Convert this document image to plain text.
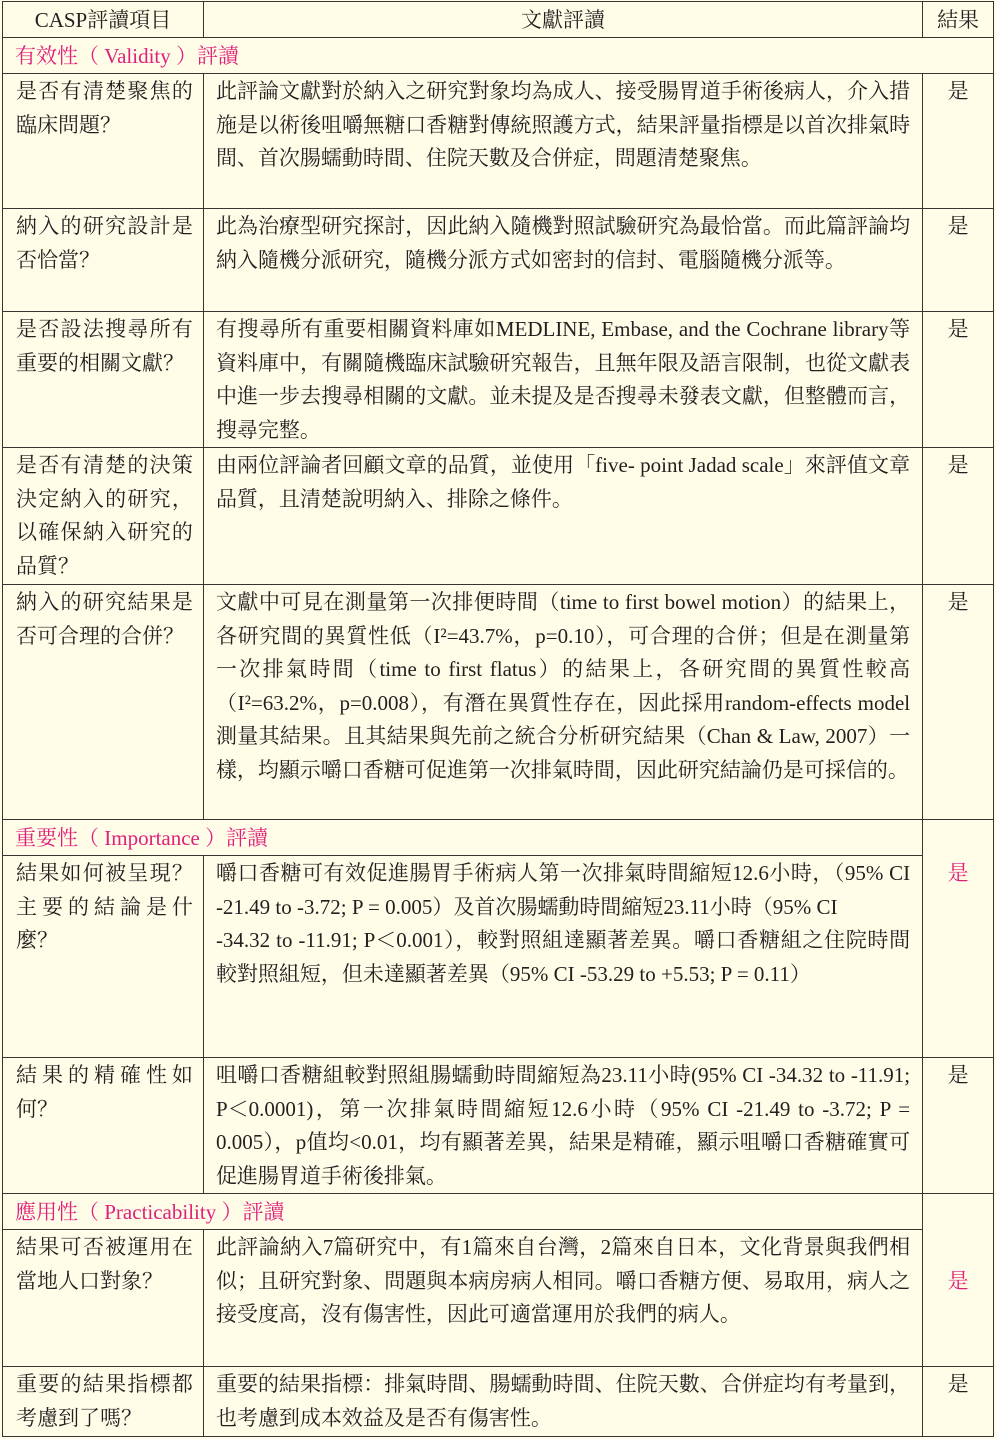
CASP評讀項目	文獻評讀	結果
有效性（ Validity ）評讀		
是否有清楚聚焦的臨床問題？	此評論文獻對於納入之研究對象均為成人、接受腸胃道手術後病人，介入措施是以術後咀嚼無糖口香糖對傳統照護方式，結果評量指標是以首次排氣時間、首次腸蠕動時間、住院天數及合併症，問題清楚聚焦。	是
納入的研究設計是否恰當？	此為治療型研究探討，因此納入隨機對照試驗研究為最恰當。而此篇評論均納入隨機分派研究，隨機分派方式如密封的信封、電腦隨機分派等。	是
是否設法搜尋所有重要的相關文獻？	有搜尋所有重要相關資料庫如MEDLINE, Embase, and the Cochrane library等資料庫中，有關隨機臨床試驗研究報告，且無年限及語言限制，也從文獻表中進一步去搜尋相關的文獻。並未提及是否搜尋未發表文獻，但整體而言，搜尋完整。	是
是否有清楚的決策決定納入的研究，以確保納入研究的品質？	由兩位評論者回顧文章的品質，並使用「five- point Jadad scale」來評值文章品質，且清楚說明納入、排除之條件。	是
納入的研究結果是否可合理的合併？	文獻中可見在測量第一次排便時間（time to first bowel motion）的結果上，各研究間的異質性低（I²=43.7%，p=0.10），可合理的合併；但是在測量第一次排氣時間（time to first flatus）的結果上，各研究間的異質性較高（I²=63.2%，p=0.008），有潛在異質性存在，因此採用random-effects model 測量其結果。且其結果與先前之統合分析研究結果（Chan & Law, 2007）一樣，均顯示嚼口香糖可促進第一次排氣時間，因此研究結論仍是可採信的。	是
重要性（ Importance ）評讀		是
結果如何被呈現？主要的結論是什麼？	嚼口香糖可有效促進腸胃手術病人第一次排氣時間縮短12.6小時，（95% CI -21.49 to -3.72; P = 0.005）及首次腸蠕動時間縮短23.11小時（95% CI
-34.32 to -11.91; P＜0.001），較對照組達顯著差異。嚼口香糖組之住院時間較對照組短，但未達顯著差異（95% CI -53.29 to +5.53; P = 0.11）	
結果的精確性如何？	咀嚼口香糖組較對照組腸蠕動時間縮短為23.11小時(95% CI -34.32 to -11.91; P＜0.0001)，第一次排氣時間縮短12.6小時（95% CI -21.49 to -3.72; P = 0.005），p值均<0.01，均有顯著差異，結果是精確，顯示咀嚼口香糖確實可促進腸胃道手術後排氣。	是
應用性（ Practicability ）評讀		是
結果可否被運用在當地人口對象？	此評論納入7篇研究中，有1篇來自台灣，2篇來自日本，文化背景與我們相似；且研究對象、問題與本病房病人相同。嚼口香糖方便、易取用，病人之接受度高，沒有傷害性，因此可適當運用於我們的病人。	
重要的結果指標都考慮到了嗎？	重要的結果指標：排氣時間、腸蠕動時間、住院天數、合併症均有考量到，也考慮到成本效益及是否有傷害性。	是
